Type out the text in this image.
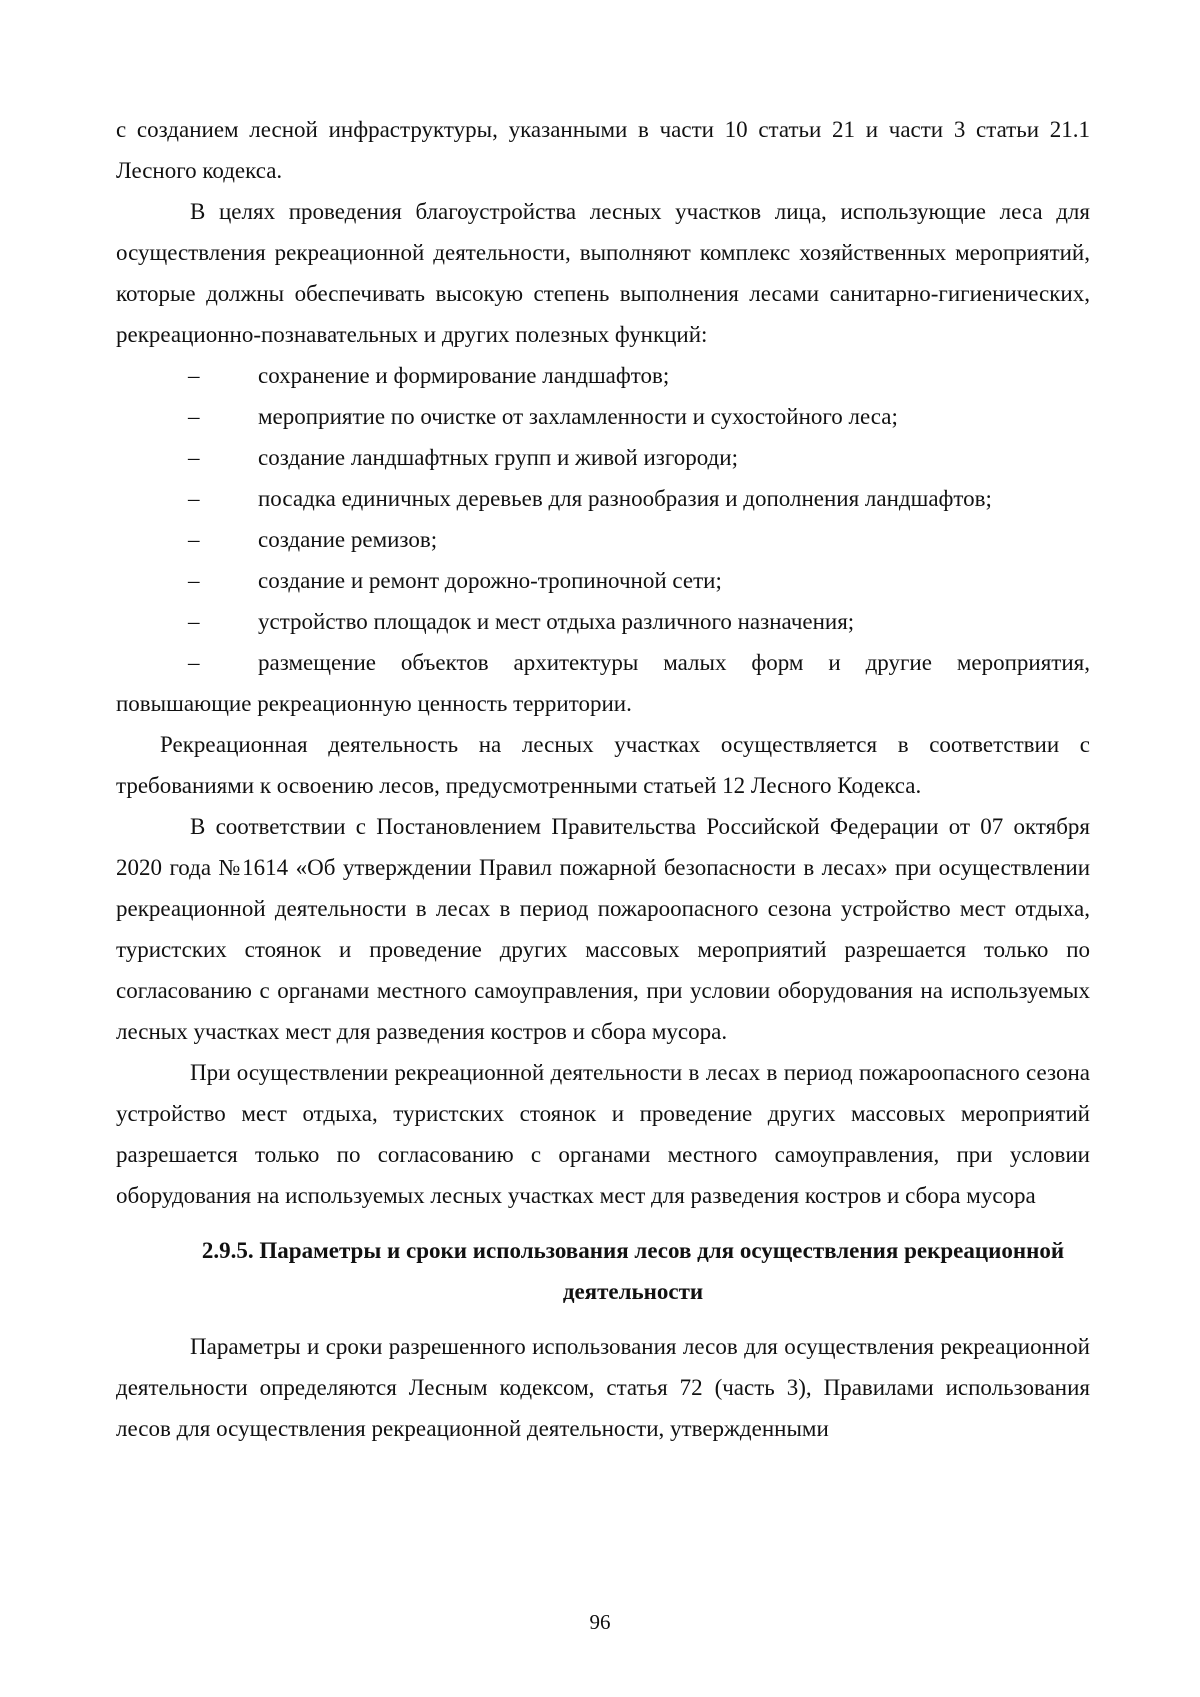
с созданием лесной инфраструктуры, указанными в части 10 статьи 21 и части 3 статьи 21.1 Лесного кодекса.

В целях проведения благоустройства лесных участков лица, использующие леса для осуществления рекреационной деятельности, выполняют комплекс хозяйственных мероприятий, которые должны обеспечивать высокую степень выполнения лесами санитарно-гигиенических, рекреационно-познавательных и других полезных функций:

–	сохранение и формирование ландшафтов;
–	мероприятие по очистке от захламленности и сухостойного леса;
–	создание ландшафтных групп и живой изгороди;
–	посадка единичных деревьев для разнообразия и дополнения ландшафтов;
–	создание ремизов;
–	создание и ремонт дорожно-тропиночной сети;
–	устройство площадок и мест отдыха различного назначения;
–	размещение объектов архитектуры малых форм и другие мероприятия, повышающие рекреационную ценность территории.

Рекреационная деятельность на лесных участках осуществляется в соответствии с требованиями к освоению лесов, предусмотренными статьей 12 Лесного Кодекса.

В соответствии с Постановлением Правительства Российской Федерации от 07 октября 2020 года №1614 «Об утверждении Правил пожарной безопасности в лесах» при осуществлении рекреационной деятельности в лесах в период пожароопасного сезона устройство мест отдыха, туристских стоянок и проведение других массовых мероприятий разрешается только по согласованию с органами местного самоуправления, при условии оборудования на используемых лесных участках мест для разведения костров и сбора мусора.

При осуществлении рекреационной деятельности в лесах в период пожароопасного сезона устройство мест отдыха, туристских стоянок и проведение других массовых мероприятий разрешается только по согласованию с органами местного самоуправления, при условии оборудования на используемых лесных участках мест для разведения костров и сбора мусора

2.9.5. Параметры и сроки использования лесов для осуществления рекреационной деятельности

Параметры и сроки разрешенного использования лесов для осуществления рекреационной деятельности определяются Лесным кодексом, статья 72 (часть 3), Правилами использования лесов для осуществления рекреационной деятельности, утвержденными

96
